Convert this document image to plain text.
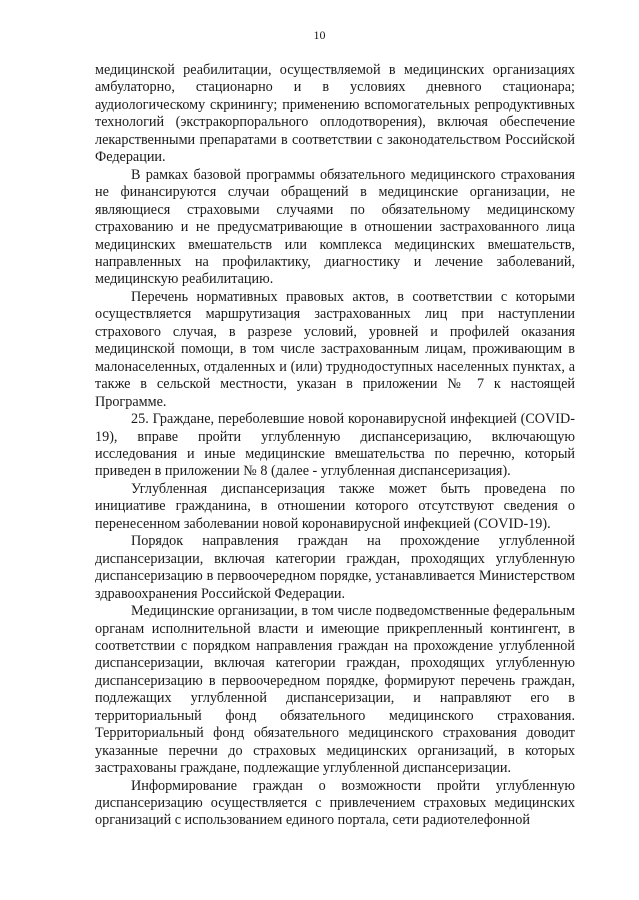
10

медицинской реабилитации, осуществляемой в медицинских организациях амбулаторно, стационарно и в условиях дневного стационара; аудиологическому скринингу; применению вспомогательных репродуктивных технологий (экстракорпорального оплодотворения), включая обеспечение лекарственными препаратами в соответствии с законодательством Российской Федерации.

В рамках базовой программы обязательного медицинского страхования не финансируются случаи обращений в медицинские организации, не являющиеся страховыми случаями по обязательному медицинскому страхованию и не предусматривающие в отношении застрахованного лица медицинских вмешательств или комплекса медицинских вмешательств, направленных на профилактику, диагностику и лечение заболеваний, медицинскую реабилитацию.

Перечень нормативных правовых актов, в соответствии с которыми осуществляется маршрутизация застрахованных лиц при наступлении страхового случая, в разрезе условий, уровней и профилей оказания медицинской помощи, в том числе застрахованным лицам, проживающим в малонаселенных, отдаленных и (или) труднодоступных населенных пунктах, а также в сельской местности, указан в приложении № 7 к настоящей Программе.

25. Граждане, переболевшие новой коронавирусной инфекцией (COVID-19), вправе пройти углубленную диспансеризацию, включающую исследования и иные медицинские вмешательства по перечню, который приведен в приложении № 8 (далее - углубленная диспансеризация).

Углубленная диспансеризация также может быть проведена по инициативе гражданина, в отношении которого отсутствуют сведения о перенесенном заболевании новой коронавирусной инфекцией (COVID-19).

Порядок направления граждан на прохождение углубленной диспансеризации, включая категории граждан, проходящих углубленную диспансеризацию в первоочередном порядке, устанавливается Министерством здравоохранения Российской Федерации.

Медицинские организации, в том числе подведомственные федеральным органам исполнительной власти и имеющие прикрепленный контингент, в соответствии с порядком направления граждан на прохождение углубленной диспансеризации, включая категории граждан, проходящих углубленную диспансеризацию в первоочередном порядке, формируют перечень граждан, подлежащих углубленной диспансеризации, и направляют его в территориальный фонд обязательного медицинского страхования. Территориальный фонд обязательного медицинского страхования доводит указанные перечни до страховых медицинских организаций, в которых застрахованы граждане, подлежащие углубленной диспансеризации.

Информирование граждан о возможности пройти углубленную диспансеризацию осуществляется с привлечением страховых медицинских организаций с использованием единого портала, сети радиотелефонной
